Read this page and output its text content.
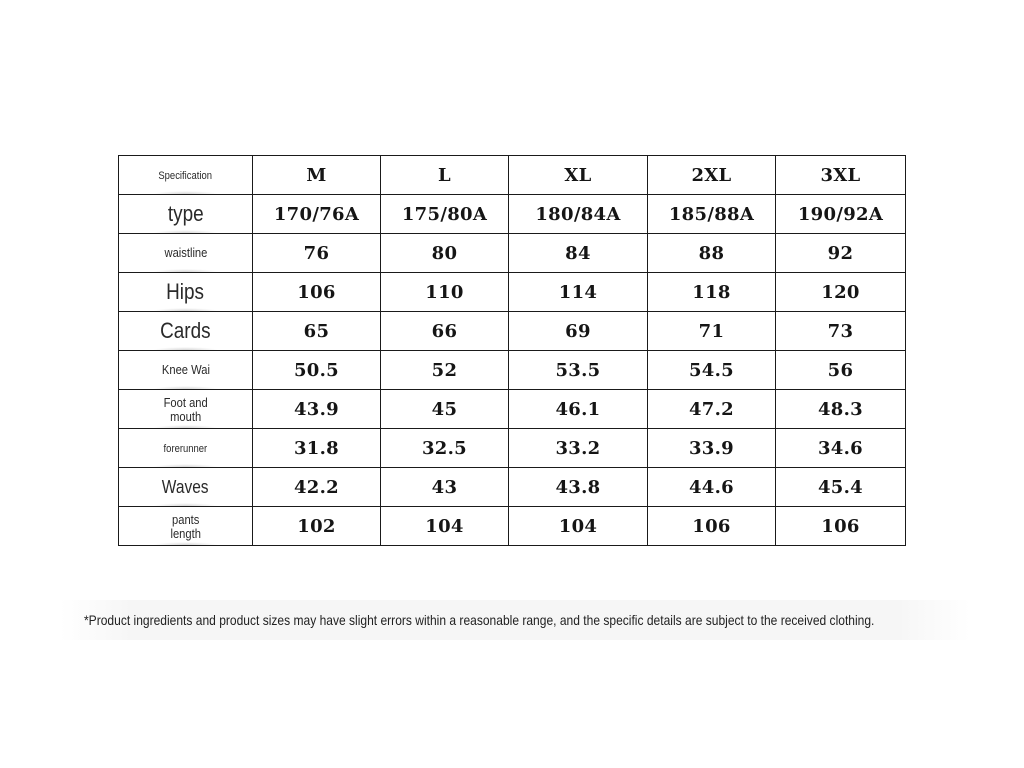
Specification	M	L	XL	2XL	3XL
type	170/76A	175/80A	180/84A	185/88A	190/92A
waistline	76	80	84	88	92
Hips	106	110	114	118	120
Cards	65	66	69	71	73
Knee Wai	50.5	52	53.5	54.5	56
Foot and
mouth	43.9	45	46.1	47.2	48.3
forerunner	31.8	32.5	33.2	33.9	34.6
Waves	42.2	43	43.8	44.6	45.4
pants
length	102	104	104	106	106
*Product ingredients and product sizes may have slight errors within a reasonable range, and the specific details are subject to the received clothing.
